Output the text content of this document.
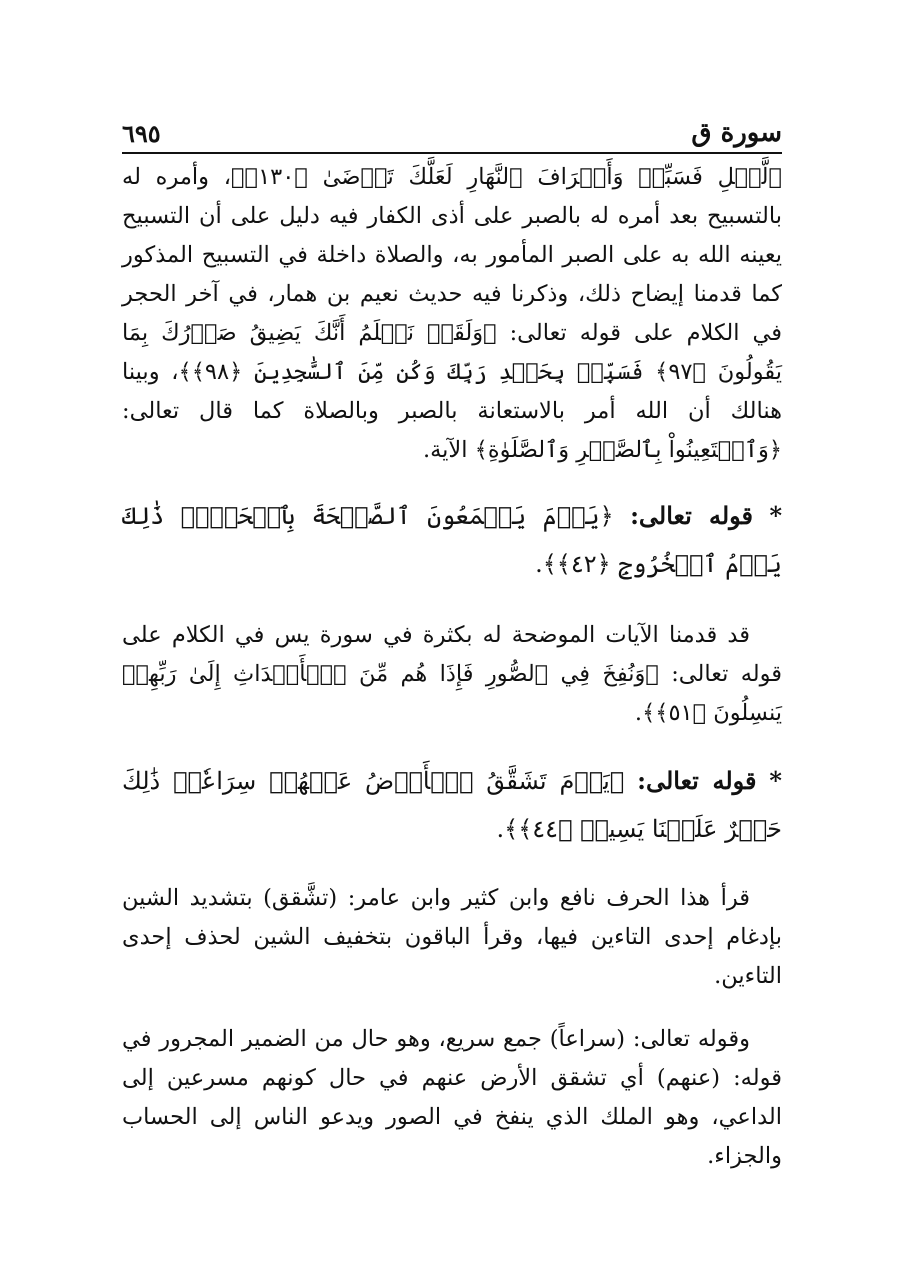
سورة ق
٦٩٥

ٱلَّيۡلِ فَسَبِّحۡ وَأَطۡرَافَ ٱلنَّهَارِ لَعَلَّكَ تَرۡضَىٰ ﴿١٣٠﴾﴾، وأمره له بالتسبيح بعد أمره له بالصبر على أذى الكفار فيه دليل على أن التسبيح يعينه الله به على الصبر المأمور به، والصلاة داخلة في التسبيح المذكور كما قدمنا إيضاح ذلك، وذكرنا فيه حديث نعيم بن همار، في آخر الحجر في الكلام على قوله تعالى: ﴿وَلَقَدۡ نَعۡلَمُ أَنَّكَ يَضِيقُ صَدۡرُكَ بِمَا يَقُولُونَ ﴿٩٧﴾ فَسَبِّحۡ بِحَمۡدِ رَبِّكَ وَكُن مِّنَ ٱلسَّٰجِدِينَ ﴿٩٨﴾﴾، وبينا هنالك أن الله أمر بالاستعانة بالصبر وبالصلاة كما قال تعالى: ﴿وَٱسۡتَعِينُواْ بِٱلصَّبۡرِ وَٱلصَّلَوٰةِ﴾ الآية.

* قوله تعالى: ﴿يَوۡمَ يَسۡمَعُونَ ٱلصَّيۡحَةَ بِٱلۡحَقِّۚ ذَٰلِكَ يَوۡمُ ٱلۡخُرُوجِ ﴿٤٢﴾﴾.

قد قدمنا الآيات الموضحة له بكثرة في سورة يس في الكلام على قوله تعالى: ﴿وَنُفِخَ فِي ٱلصُّورِ فَإِذَا هُم مِّنَ ٱلۡأَجۡدَاثِ إِلَىٰ رَبِّهِمۡ يَنسِلُونَ ﴿٥١﴾﴾.

* قوله تعالى: ﴿يَوۡمَ تَشَقَّقُ ٱلۡأَرۡضُ عَنۡهُمۡ سِرَاعٗاۚ ذَٰلِكَ حَشۡرٌ عَلَيۡنَا يَسِيرٞ ﴿٤٤﴾﴾.

قرأ هذا الحرف نافع وابن كثير وابن عامر: (تشَّقق) بتشديد الشين بإدغام إحدى التاءين فيها، وقرأ الباقون بتخفيف الشين لحذف إحدى التاءين.

وقوله تعالى: (سراعاً) جمع سريع، وهو حال من الضمير المجرور في قوله: (عنهم) أي تشقق الأرض عنهم في حال كونهم مسرعين إلى الداعي، وهو الملك الذي ينفخ في الصور ويدعو الناس إلى الحساب والجزاء.
